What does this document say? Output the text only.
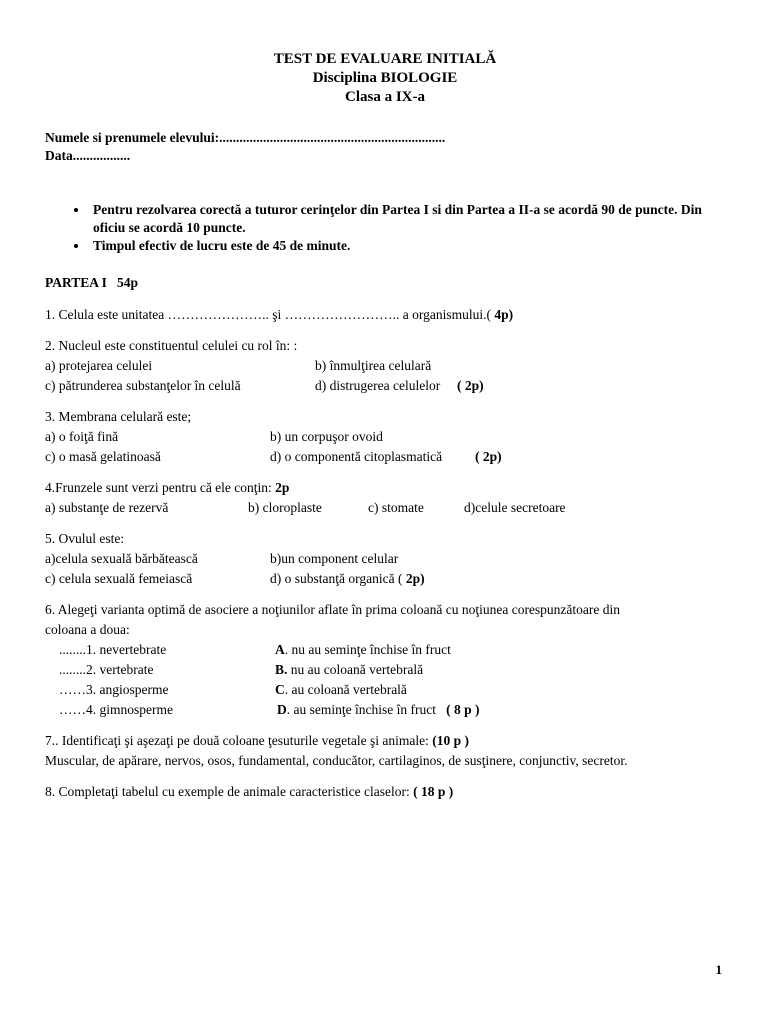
TEST DE EVALUARE INITIALĂ
Disciplina BIOLOGIE
Clasa a IX-a
Numele si prenumele elevului:...................................................................
Data.................
• Pentru rezolvarea corectă a tuturor cerinţelor din Partea I si din Partea a II-a se acordă 90 de puncte. Din oficiu se acordă 10 puncte.
• Timpul efectiv de lucru este de 45 de minute.
PARTEA I 54p
1. Celula este unitatea ………………….. şi …………………….. a organismului.( 4p)
2. Nucleul este constituentul celulei cu rol în: :
a) protejarea celulei	b) înmulţirea celulară
c) pătrunderea substanţelor în celulă	d) distrugerea celulelor ( 2p)
3. Membrana celulară este;
a) o foiţă fină	b) un corpuşor ovoid
c) o masă gelatinoasă	d) o componentă citoplasmatică ( 2p)
4.Frunzele sunt verzi pentru că ele conţin: 2p
a) substanţe de rezervă	b) cloroplaste	c) stomate	d)celule secretoare
5. Ovulul este:
a)celula sexuală bărbătească	b)un component celular
c) celula sexuală femeiască	d) o substanţă organică ( 2p)
6. Alegeţi varianta optimă de asociere a noţiunilor aflate în prima coloană cu noţiunea corespunzătoare din
coloana a doua:
........1. nevertebrate	A. nu au seminţe închise în fruct
........2. vertebrate	B. nu au coloană vertebrală
……3. angiosperme	C. au coloană vertebrală
……4. gimnosperme	D. au seminţe închise în fruct ( 8 p )
7.. Identificaţi şi aşezaţi pe două coloane ţesuturile vegetale şi animale: (10 p )
Muscular, de apărare, nervos, osos, fundamental, conducător, cartilaginos, de susţinere, conjunctiv, secretor.
8. Completaţi tabelul cu exemple de animale caracteristice claselor: ( 18 p )
1
